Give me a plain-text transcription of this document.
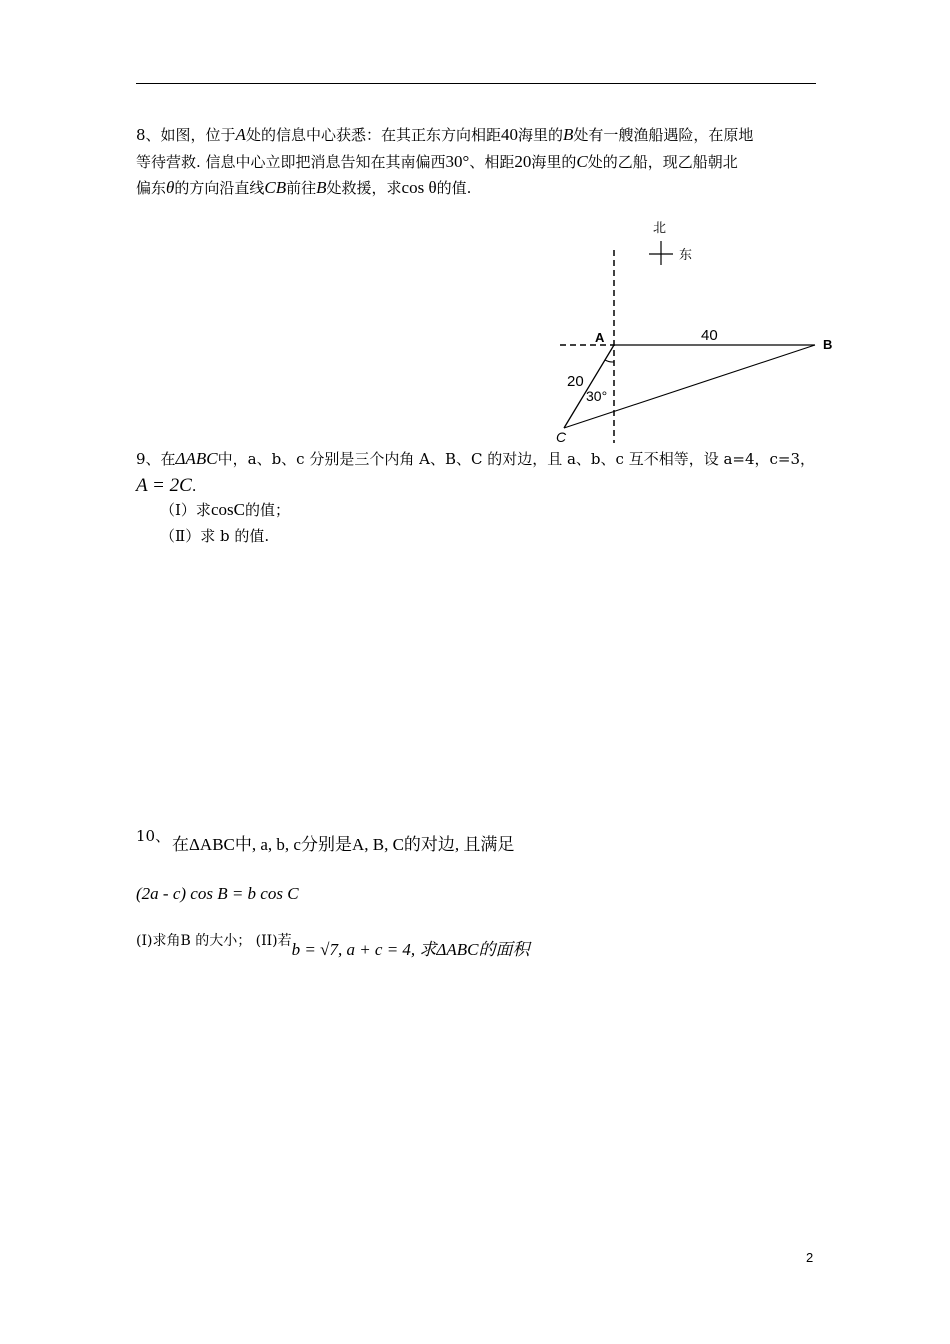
8、如图，位于A处的信息中心获悉：在其正东方向相距40海里的B处有一艘渔船遇险，在原地
等待营救. 信息中心立即把消息告知在其南偏西30°、相距20海里的C处的乙船，现乙船朝北
偏东θ的方向沿直线CB前往B处救援，求cos θ的值.
北
东
A	B
C
40
20
30°
9、在ΔABC中，a、b、c 分别是三个内角 A、B、C 的对边，且 a、b、c 互不相等，设 a=4，c=3，
A = 2C.
（Ⅰ）求cosC的值；
（Ⅱ）求 b 的值.
10、 在ΔABC中, a, b, c分别是A, B, C的对边, 且满足
(2a - c) cos B = b cos C
(I)求角B 的大小； (II)若b = √7, a + c = 4, 求ΔABC的面积
2
